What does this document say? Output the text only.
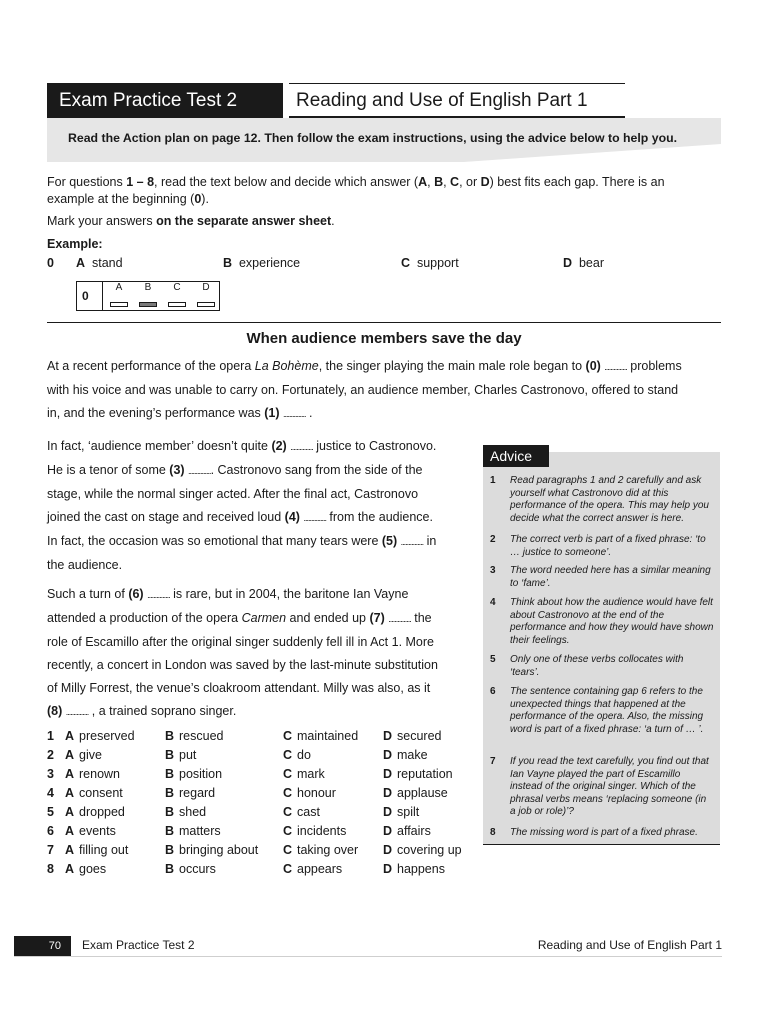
Exam Practice Test 2	Reading and Use of English Part 1
Read the Action plan on page 12. Then follow the exam instructions, using the advice below to help you.
For questions 1 – 8, read the text below and decide which answer (A, B, C, or D) best fits each gap. There is an
example at the beginning (0).
Mark your answers on the separate answer sheet.
Example:
0 A stand	B experience	C support	D bear
0
A	B	C	D
When audience members save the day
At a recent performance of the opera La Bohème, the singer playing the main male role began to (0) ............... problems
with his voice and was unable to carry on. Fortunately, an audience member, Charles Castronovo, offered to stand
in, and the evening’s performance was (1) ............... .
In fact, ‘audience member’ doesn’t quite (2) ............... justice to Castronovo.
He is a tenor of some (3) ................ Castronovo sang from the side of the
stage, while the normal singer acted. After the final act, Castronovo
joined the cast on stage and received loud (4) ............... from the audience.
In fact, the occasion was so emotional that many tears were (5) ............... in
the audience.
Such a turn of (6) ............... is rare, but in 2004, the baritone Ian Vayne
attended a production of the opera Carmen and ended up (7) ............... the
role of Escamillo after the original singer suddenly fell ill in Act 1. More
recently, a concert in London was saved by the last-minute substitution
of Milly Forrest, the venue’s cloakroom attendant. Milly was also, as it
(8) ............... , a trained soprano singer.
1	A	preserved	B	rescued	C	maintained	D	secured
2	A	give	B	put	C	do	D	make
3	A	renown	B	position	C	mark	D	reputation
4	A	consent	B	regard	C	honour	D	applause
5	A	dropped	B	shed	C	cast	D	spilt
6	A	events	B	matters	C	incidents	D	affairs
7	A	filling out	B	bringing about	C	taking over	D	covering up
8	A	goes	B	occurs	C	appears	D	happens
Advice
1 Read paragraphs 1 and 2 carefully and ask yourself what Castronovo did at this performance of the opera. This may help you decide what the correct answer is here.
2 The correct verb is part of a fixed phrase: ‘to … justice to someone’.
3 The word needed here has a similar meaning to ‘fame’.
4 Think about how the audience would have felt about Castronovo at the end of the performance and how they would have shown their feelings.
5 Only one of these verbs collocates with ‘tears’.
6 The sentence containing gap 6 refers to the unexpected things that happened at the performance of the opera. Also, the missing word is part of a fixed phrase: ‘a turn of … ’.
7 If you read the text carefully, you find out that Ian Vayne played the part of Escamillo instead of the original singer. Which of the phrasal verbs means ‘replacing someone (in a job or role)’?
8 The missing word is part of a fixed phrase.
70	Exam Practice Test 2	Reading and Use of English Part 1
